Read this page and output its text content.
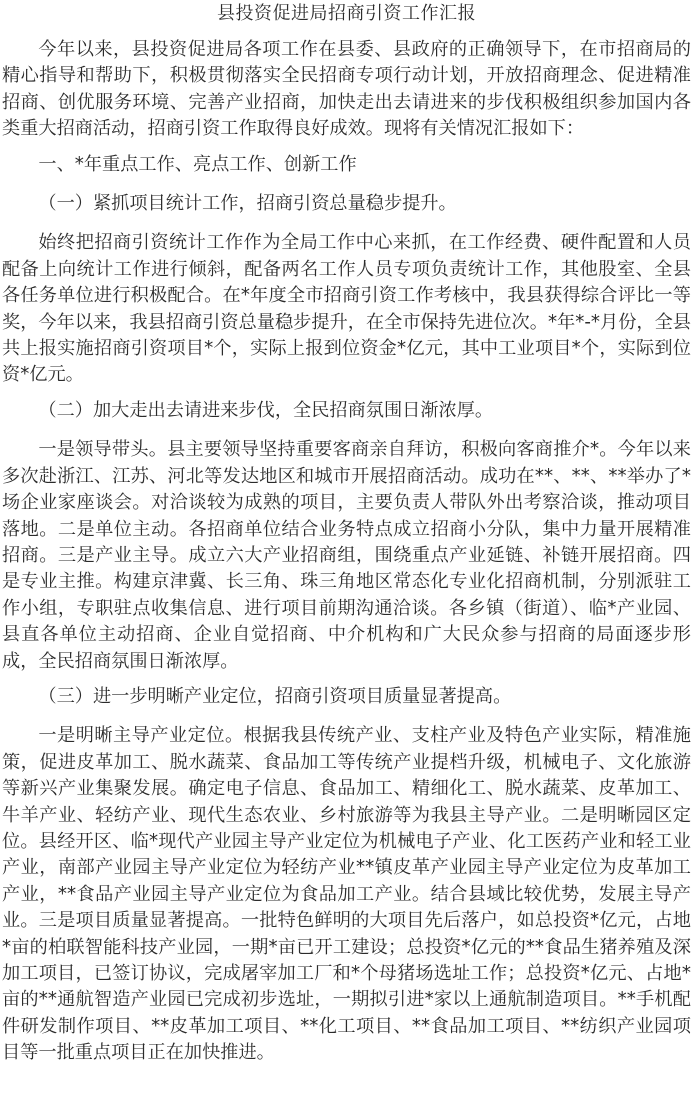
县投资促进局招商引资工作汇报
今年以来，县投资促进局各项工作在县委、县政府的正确领导下，在市招商局的精心指导和帮助下，积极贯彻落实全民招商专项行动计划，开放招商理念、促进精准招商、创优服务环境、完善产业招商，加快走出去请进来的步伐积极组织参加国内各类重大招商活动，招商引资工作取得良好成效。现将有关情况汇报如下：
一、*年重点工作、亮点工作、创新工作
（一）紧抓项目统计工作，招商引资总量稳步提升。
始终把招商引资统计工作作为全局工作中心来抓，在工作经费、硬件配置和人员配备上向统计工作进行倾斜，配备两名工作人员专项负责统计工作，其他股室、全县各任务单位进行积极配合。在*年度全市招商引资工作考核中，我县获得综合评比一等奖，今年以来，我县招商引资总量稳步提升，在全市保持先进位次。*年*-*月份，全县共上报实施招商引资项目*个，实际上报到位资金*亿元，其中工业项目*个，实际到位资*亿元。
（二）加大走出去请进来步伐，全民招商氛围日渐浓厚。
一是领导带头。县主要领导坚持重要客商亲自拜访，积极向客商推介*。今年以来多次赴浙江、江苏、河北等发达地区和城市开展招商活动。成功在**、**、**举办了*场企业家座谈会。对洽谈较为成熟的项目，主要负责人带队外出考察洽谈，推动项目落地。二是单位主动。各招商单位结合业务特点成立招商小分队，集中力量开展精准招商。三是产业主导。成立六大产业招商组，围绕重点产业延链、补链开展招商。四是专业主推。构建京津冀、长三角、珠三角地区常态化专业化招商机制，分别派驻工作小组，专职驻点收集信息、进行项目前期沟通洽谈。各乡镇（街道）、临*产业园、县直各单位主动招商、企业自觉招商、中介机构和广大民众参与招商的局面逐步形成，全民招商氛围日渐浓厚。
（三）进一步明晰产业定位，招商引资项目质量显著提高。
一是明晰主导产业定位。根据我县传统产业、支柱产业及特色产业实际，精准施策，促进皮革加工、脱水蔬菜、食品加工等传统产业提档升级，机械电子、文化旅游等新兴产业集聚发展。确定电子信息、食品加工、精细化工、脱水蔬菜、皮革加工、牛羊产业、轻纺产业、现代生态农业、乡村旅游等为我县主导产业。二是明晰园区定位。县经开区、临*现代产业园主导产业定位为机械电子产业、化工医药产业和轻工业产业，南部产业园主导产业定位为轻纺产业**镇皮革产业园主导产业定位为皮革加工产业，**食品产业园主导产业定位为食品加工产业。结合县域比较优势，发展主导产业。三是项目质量显著提高。一批特色鲜明的大项目先后落户，如总投资*亿元，占地*亩的柏联智能科技产业园，一期*亩已开工建设；总投资*亿元的**食品生猪养殖及深加工项目，已签订协议，完成屠宰加工厂和*个母猪场选址工作；总投资*亿元、占地*亩的**通航智造产业园已完成初步选址，一期拟引进*家以上通航制造项目。**手机配件研发制作项目、**皮革加工项目、**化工项目、**食品加工项目、**纺织产业园项目等一批重点项目正在加快推进。
